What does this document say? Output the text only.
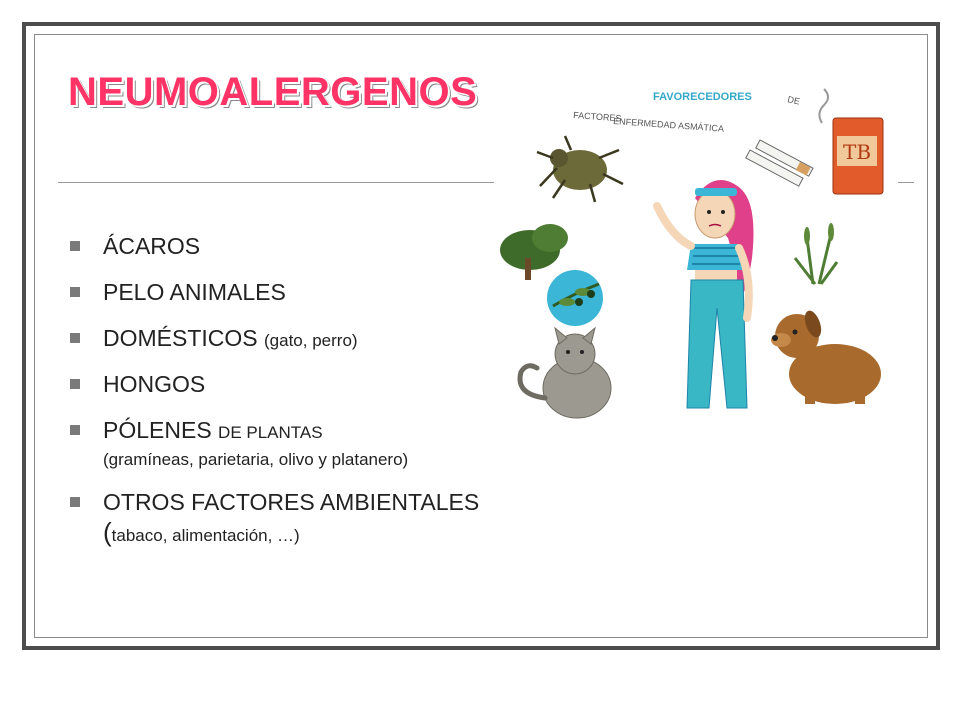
NEUMOALERGENOS
ÁCAROS
PELO ANIMALES
DOMÉSTICOS (gato, perro)
HONGOS
PÓLENES DE PLANTAS
(gramíneas, parietaria, olivo y platanero)
OTROS FACTORES AMBIENTALES
(tabaco, alimentación, …)
FACTORES
FAVORECEDORES	DE
ENFERMEDAD ASMÁTICA
TB
